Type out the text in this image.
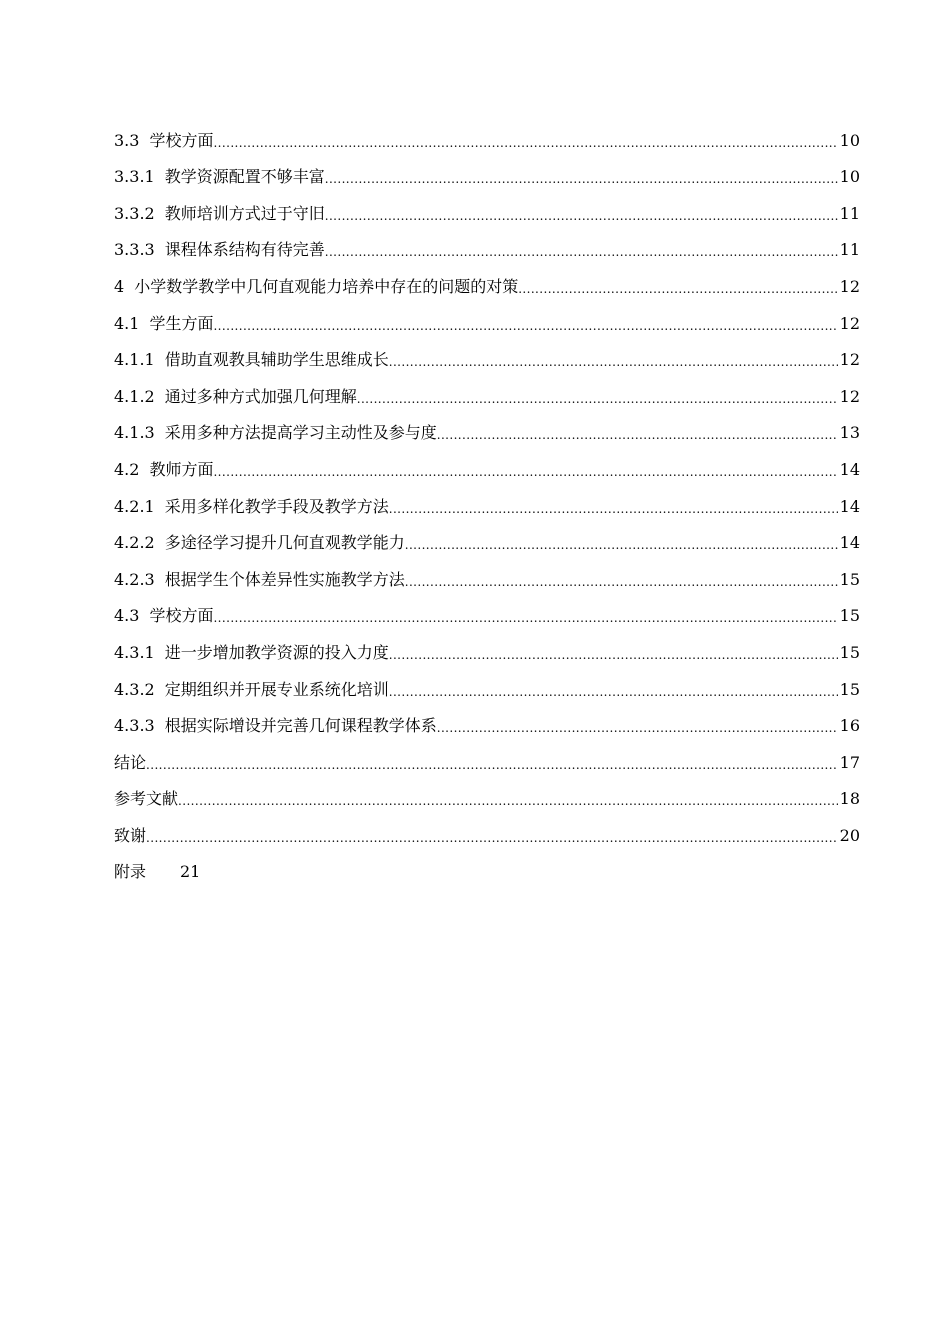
3.3 学校方面 .....	10
3.3.1 教学资源配置不够丰富 .....	10
3.3.2 教师培训方式过于守旧 .....	11
3.3.3 课程体系结构有待完善 .....	11
4 小学数学教学中几何直观能力培养中存在的问题的对策 .....	12
4.1 学生方面 .....	12
4.1.1 借助直观教具辅助学生思维成长 .....	12
4.1.2 通过多种方式加强几何理解 .....	12
4.1.3 采用多种方法提高学习主动性及参与度 .....	13
4.2 教师方面 .....	14
4.2.1 采用多样化教学手段及教学方法 .....	14
4.2.2 多途径学习提升几何直观教学能力 .....	14
4.2.3 根据学生个体差异性实施教学方法 .....	15
4.3 学校方面 .....	15
4.3.1 进一步增加教学资源的投入力度 .....	15
4.3.2 定期组织并开展专业系统化培训 .....	15
4.3.3 根据实际增设并完善几何课程教学体系 .....	16
结论 .....	17
参考文献 .....	18
致谢 .....	20
附录	21
